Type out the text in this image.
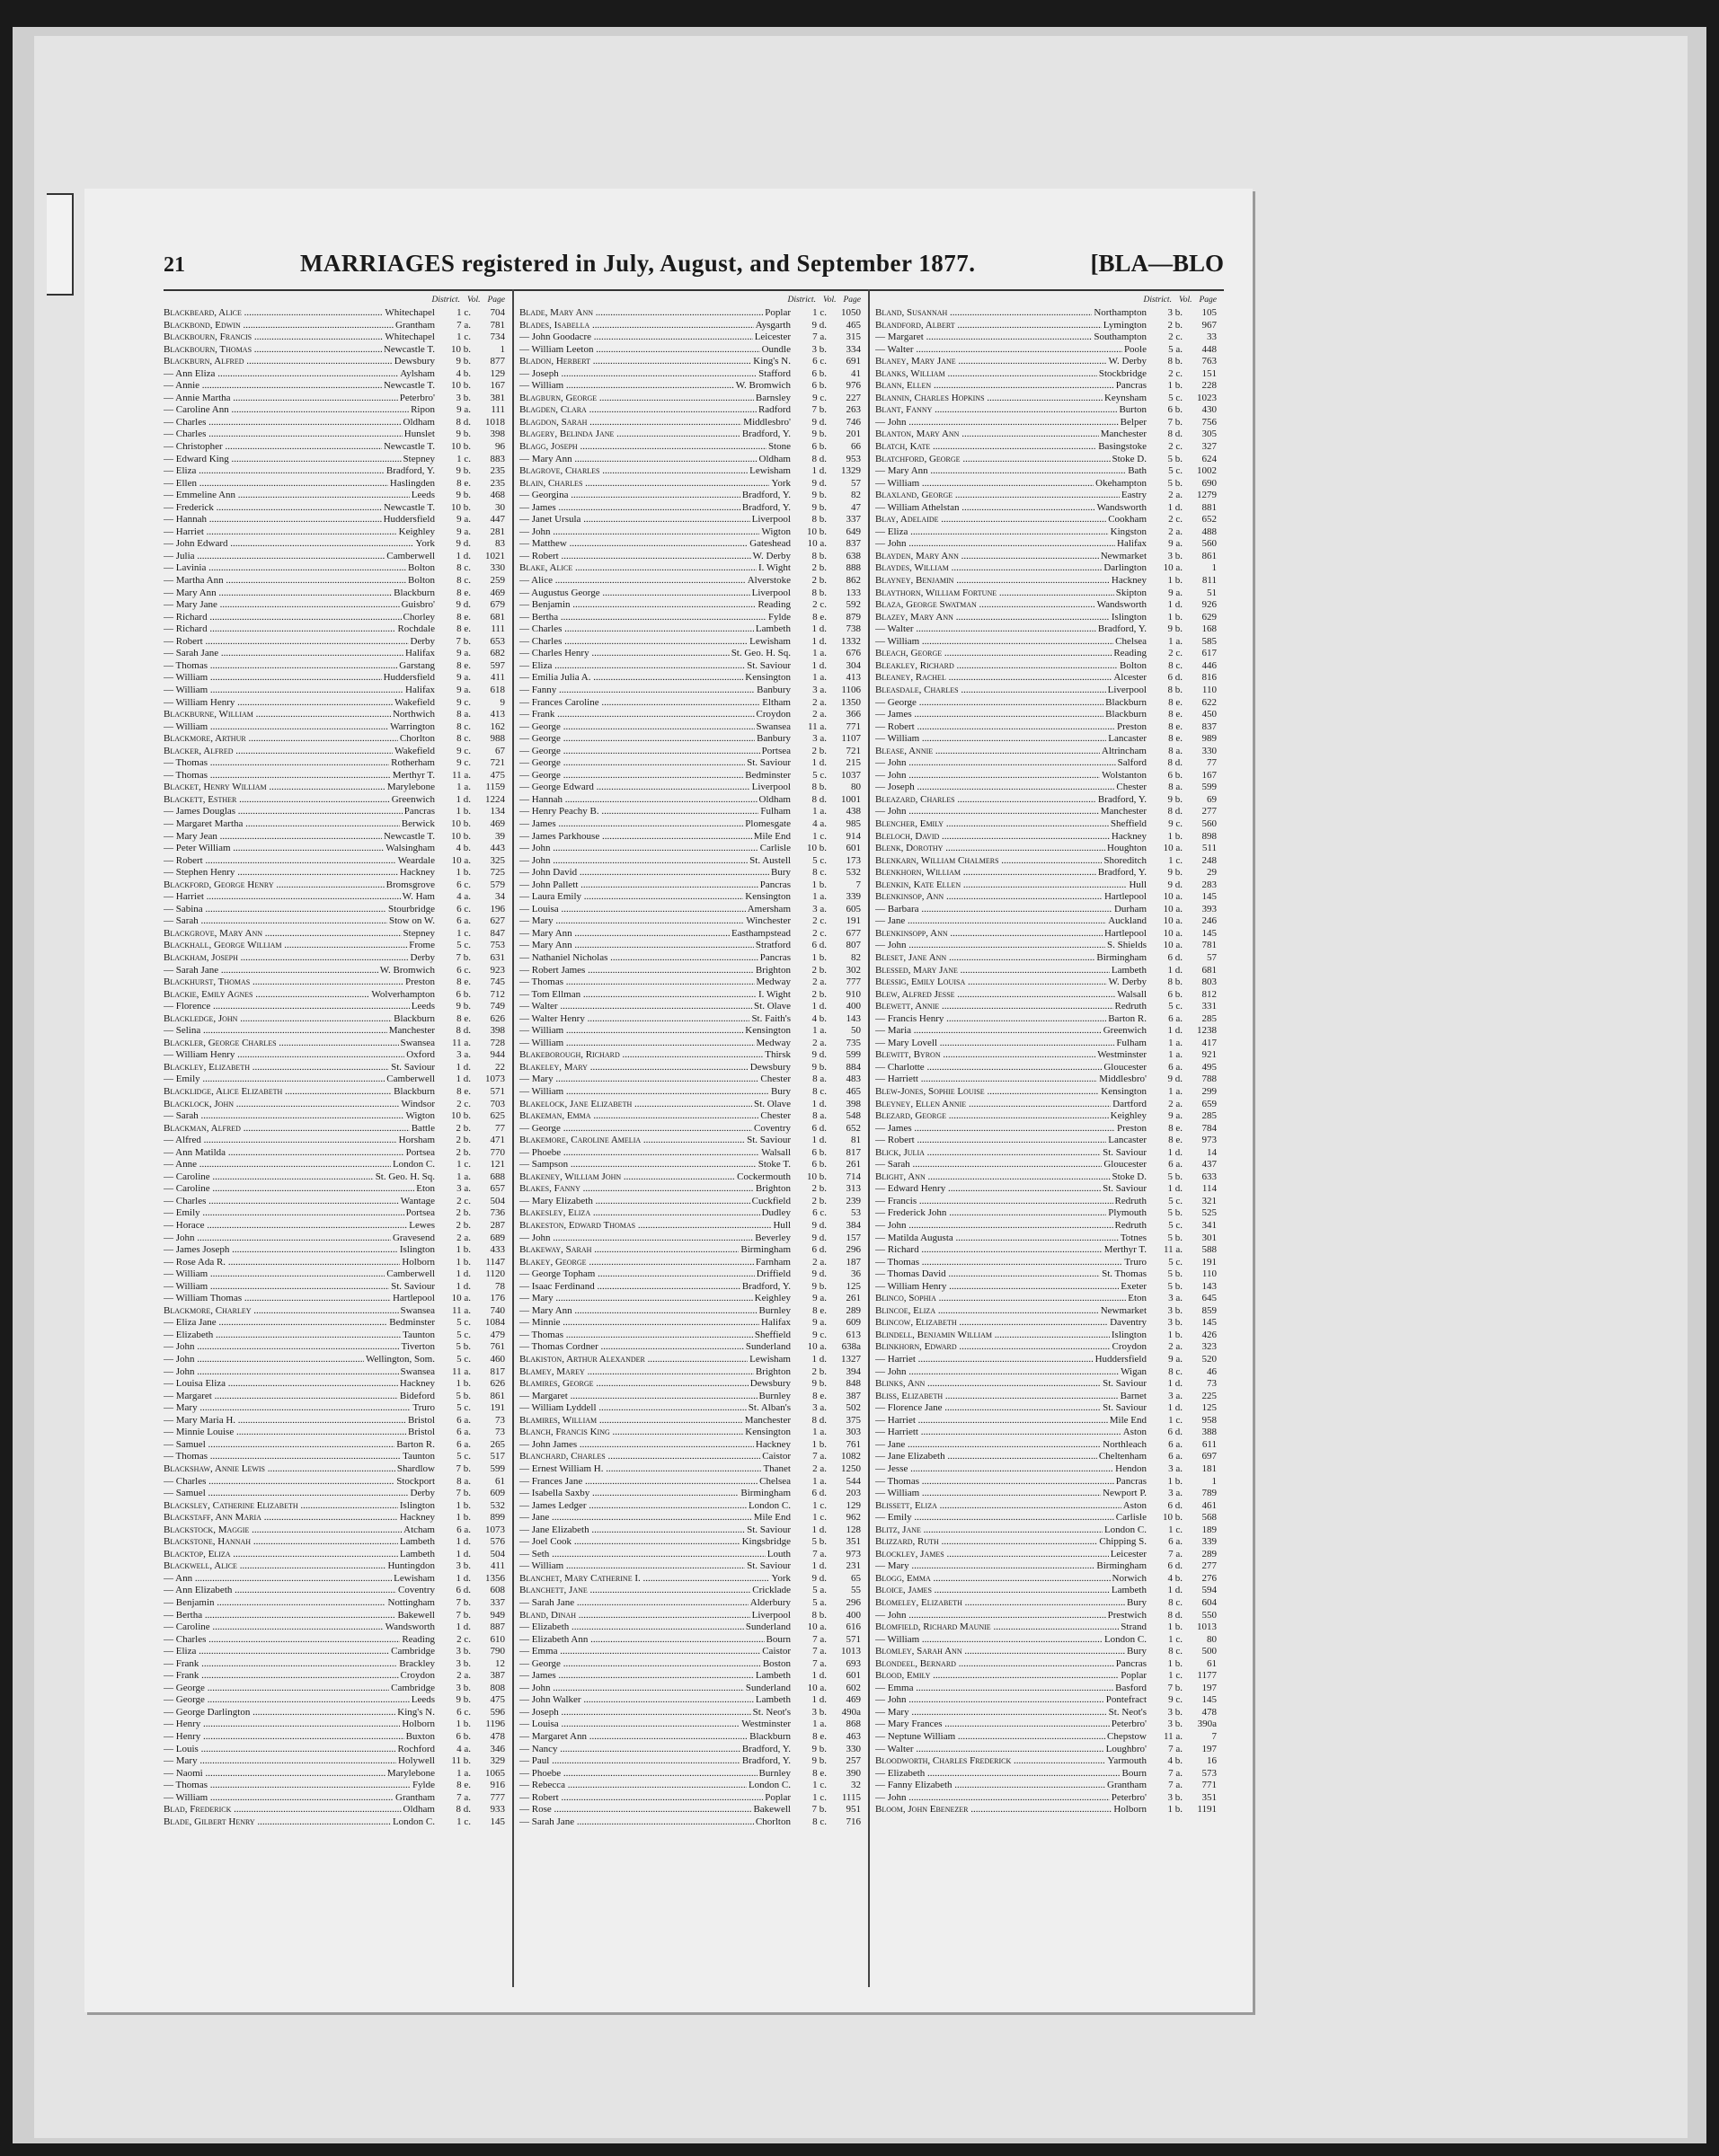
21	MARRIAGES registered in July, August, and September 1877.	[BLA—BLO
District. Vol. Page
Blackbeard, Alice .....	Whitechapel	1 c.	704
Blackbond, Edwin .....	Grantham	7 a.	781
Blackbourn, Francis .....	Whitechapel	1 c.	734
Blackbourn, Thomas .....	Newcastle T.	10 b.	1
Blackburn, Alfred .....	Dewsbury	9 b.	877
— Ann Eliza .....	Aylsham	4 b.	129
— Annie .....	Newcastle T.	10 b.	167
— Annie Martha .....	Peterbro'	3 b.	381
— Caroline Ann .....	Ripon	9 a.	111
— Charles .....	Oldham	8 d.	1018
— Charles .....	Hunslet	9 b.	398
— Christopher .....	Newcastle T.	10 b.	96
— Edward King .....	Stepney	1 c.	883
— Eliza .....	Bradford, Y.	9 b.	235
— Ellen .....	Haslingden	8 e.	235
— Emmeline Ann .....	Leeds	9 b.	468
— Frederick .....	Newcastle T.	10 b.	30
— Hannah .....	Huddersfield	9 a.	447
— Harriet .....	Keighley	9 a.	281
— John Edward .....	York	9 d.	83
— Julia .....	Camberwell	1 d.	1021
— Lavinia .....	Bolton	8 c.	330
— Martha Ann .....	Bolton	8 c.	259
— Mary Ann .....	Blackburn	8 e.	469
— Mary Jane .....	Guisbro'	9 d.	679
— Richard .....	Chorley	8 e.	681
— Richard .....	Rochdale	8 e.	111
— Robert .....	Derby	7 b.	653
— Sarah Jane .....	Halifax	9 a.	682
— Thomas .....	Garstang	8 e.	597
— William .....	Huddersfield	9 a.	411
— William .....	Halifax	9 a.	618
— William Henry .....	Wakefield	9 c.	9
Blackburne, William .....	Northwich	8 a.	413
— William .....	Warrington	8 c.	162
Blackmore, Arthur .....	Chorlton	8 c.	988
Blacker, Alfred .....	Wakefield	9 c.	67
— Thomas .....	Rotherham	9 c.	721
— Thomas .....	Merthyr T.	11 a.	475
Blacket, Henry William .....	Marylebone	1 a.	1159
Blackett, Esther .....	Greenwich	1 d.	1224
— James Douglas .....	Pancras	1 b.	134
— Margaret Martha .....	Berwick	10 b.	469
— Mary Jean .....	Newcastle T.	10 b.	39
— Peter William .....	Walsingham	4 b.	443
— Robert .....	Weardale	10 a.	325
— Stephen Henry .....	Hackney	1 b.	725
Blackford, George Henry .....	Bromsgrove	6 c.	579
— Harriet .....	W. Ham	4 a.	34
— Sabina .....	Stourbridge	6 c.	196
— Sarah .....	Stow on W.	6 a.	627
Blackgrove, Mary Ann .....	Stepney	1 c.	847
Blackhall, George William .....	Frome	5 c.	753
Blackham, Joseph .....	Derby	7 b.	631
— Sarah Jane .....	W. Bromwich	6 c.	923
Blackhurst, Thomas .....	Preston	8 e.	745
Blackie, Emily Agnes .....	Wolverhampton	6 b.	712
— Florence .....	Leeds	9 b.	749
Blackledge, John .....	Blackburn	8 e.	626
— Selina .....	Manchester	8 d.	398
Blackler, George Charles .....	Swansea	11 a.	728
— William Henry .....	Oxford	3 a.	944
Blackley, Elizabeth .....	St. Saviour	1 d.	22
— Emily .....	Camberwell	1 d.	1073
Blacklidge, Alice Elizabeth .....	Blackburn	8 e.	571
Blacklock, John .....	Windsor	2 c.	703
— Sarah .....	Wigton	10 b.	625
Blackman, Alfred .....	Battle	2 b.	77
— Alfred .....	Horsham	2 b.	471
— Ann Matilda .....	Portsea	2 b.	770
— Anne .....	London C.	1 c.	121
— Caroline .....	St. Geo. H. Sq.	1 a.	688
— Caroline .....	Eton	3 a.	657
— Charles .....	Wantage	2 c.	504
— Emily .....	Portsea	2 b.	736
— Horace .....	Lewes	2 b.	287
— John .....	Gravesend	2 a.	689
— James Joseph .....	Islington	1 b.	433
— Rose Ada R. .....	Holborn	1 b.	1147
— William .....	Camberwell	1 d.	1120
— William .....	St. Saviour	1 d.	78
— William Thomas .....	Hartlepool	10 a.	176
Blackmore, Charley .....	Swansea	11 a.	740
— Eliza Jane .....	Bedminster	5 c.	1084
— Elizabeth .....	Taunton	5 c.	479
— John .....	Tiverton	5 b.	761
— John .....	Wellington, Som.	5 c.	460
— John .....	Swansea	11 a.	817
— Louisa Eliza .....	Hackney	1 b.	626
— Margaret .....	Bideford	5 b.	861
— Mary .....	Truro	5 c.	191
— Mary Maria H. .....	Bristol	6 a.	73
— Minnie Louise .....	Bristol	6 a.	73
— Samuel .....	Barton R.	6 a.	265
— Thomas .....	Taunton	5 c.	517
Blackshaw, Annie Lewis .....	Shardlow	7 b.	599
— Charles .....	Stockport	8 a.	61
— Samuel .....	Derby	7 b.	609
Blacksley, Catherine Elizabeth .....	Islington	1 b.	532
Blackstaff, Ann Maria .....	Hackney	1 b.	899
Blackstock, Maggie .....	Atcham	6 a.	1073
Blackstone, Hannah .....	Lambeth	1 d.	576
Blacktop, Eliza .....	Lambeth	1 d.	504
Blackwell, Alice .....	Huntingdon	3 b.	411
— Ann .....	Lewisham	1 d.	1356
— Ann Elizabeth .....	Coventry	6 d.	608
— Benjamin .....	Nottingham	7 b.	337
— Bertha .....	Bakewell	7 b.	949
— Caroline .....	Wandsworth	1 d.	887
— Charles .....	Reading	2 c.	610
— Eliza .....	Cambridge	3 b.	790
— Frank .....	Brackley	3 b.	12
— Frank .....	Croydon	2 a.	387
— George .....	Cambridge	3 b.	808
— George .....	Leeds	9 b.	475
— George Darlington .....	King's N.	6 c.	596
— Henry .....	Holborn	1 b.	1196
— Henry .....	Buxton	6 b.	478
— Louis .....	Rochford	4 a.	346
— Mary .....	Holywell	11 b.	329
— Naomi .....	Marylebone	1 a.	1065
— Thomas .....	Fylde	8 e.	916
— William .....	Grantham	7 a.	777
Blad, Frederick .....	Oldham	8 d.	933
Blade, Gilbert Henry .....	London C.	1 c.	145
District. Vol. Page
Blade, Mary Ann .....	Poplar	1 c.	1050
Blades, Isabella .....	Aysgarth	9 d.	465
— John Goodacre .....	Leicester	7 a.	315
— William Leeton .....	Oundle	3 b.	334
Bladon, Herbert .....	King's N.	6 c.	691
— Joseph .....	Stafford	6 b.	41
— William .....	W. Bromwich	6 b.	976
Blagburn, George .....	Barnsley	9 c.	227
Blagden, Clara .....	Radford	7 b.	263
Blagdon, Sarah .....	Middlesbro'	9 d.	746
Blagery, Belinda Jane .....	Bradford, Y.	9 b.	201
Blagg, Joseph .....	Stone	6 b.	66
— Mary Ann .....	Oldham	8 d.	953
Blagrove, Charles .....	Lewisham	1 d.	1329
Blain, Charles .....	York	9 d.	57
— Georgina .....	Bradford, Y.	9 b.	82
— James .....	Bradford, Y.	9 b.	47
— Janet Ursula .....	Liverpool	8 b.	337
— John .....	Wigton	10 b.	649
— Matthew .....	Gateshead	10 a.	837
— Robert .....	W. Derby	8 b.	638
Blake, Alice .....	I. Wight	2 b.	888
— Alice .....	Alverstoke	2 b.	862
— Augustus George .....	Liverpool	8 b.	133
— Benjamin .....	Reading	2 c.	592
— Bertha .....	Fylde	8 e.	879
— Charles .....	Lambeth	1 d.	738
— Charles .....	Lewisham	1 d.	1332
— Charles Henry .....	St. Geo. H. Sq.	1 a.	676
— Eliza .....	St. Saviour	1 d.	304
— Emilia Julia A. .....	Kensington	1 a.	413
— Fanny .....	Banbury	3 a.	1106
— Frances Caroline .....	Eltham	2 a.	1350
— Frank .....	Croydon	2 a.	366
— George .....	Swansea	11 a.	771
— George .....	Banbury	3 a.	1107
— George .....	Portsea	2 b.	721
— George .....	St. Saviour	1 d.	215
— George .....	Bedminster	5 c.	1037
— George Edward .....	Liverpool	8 b.	80
— Hannah .....	Oldham	8 d.	1001
— Henry Peachy B. .....	Fulham	1 a.	438
— James .....	Plomesgate	4 a.	985
— James Parkhouse .....	Mile End	1 c.	914
— John .....	Carlisle	10 b.	601
— John .....	St. Austell	5 c.	173
— John David .....	Bury	8 c.	532
— John Pallett .....	Pancras	1 b.	7
— Laura Emily .....	Kensington	1 a.	339
— Louisa .....	Amersham	3 a.	605
— Mary .....	Winchester	2 c.	191
— Mary Ann .....	Easthampstead	2 c.	677
— Mary Ann .....	Stratford	6 d.	807
— Nathaniel Nicholas .....	Pancras	1 b.	82
— Robert James .....	Brighton	2 b.	302
— Thomas .....	Medway	2 a.	777
— Tom Ellman .....	I. Wight	2 b.	910
— Walter .....	St. Olave	1 d.	400
— Walter Henry .....	St. Faith's	4 b.	143
— William .....	Kensington	1 a.	50
— William .....	Medway	2 a.	735
Blakeborough, Richard .....	Thirsk	9 d.	599
Blakeley, Mary .....	Dewsbury	9 b.	884
— Mary .....	Chester	8 a.	483
— William .....	Bury	8 c.	465
Blakelock, Jane Elizabeth .....	St. Olave	1 d.	398
Blakeman, Emma .....	Chester	8 a.	548
— George .....	Coventry	6 d.	652
Blakemore, Caroline Amelia .....	St. Saviour	1 d.	81
— Phoebe .....	Walsall	6 b.	817
— Sampson .....	Stoke T.	6 b.	261
Blakeney, William John .....	Cockermouth	10 b.	714
Blakes, Fanny .....	Brighton	2 b.	313
— Mary Elizabeth .....	Cuckfield	2 b.	239
Blakesley, Eliza .....	Dudley	6 c.	53
Blakeston, Edward Thomas .....	Hull	9 d.	384
— John .....	Beverley	9 d.	157
Blakeway, Sarah .....	Birmingham	6 d.	296
Blakey, George .....	Farnham	2 a.	187
— George Topham .....	Driffield	9 d.	36
— Isaac Ferdinand .....	Bradford, Y.	9 b.	125
— Mary .....	Keighley	9 a.	261
— Mary Ann .....	Burnley	8 e.	289
— Minnie .....	Halifax	9 a.	609
— Thomas .....	Sheffield	9 c.	613
— Thomas Cordner .....	Sunderland	10 a.	638a
Blakiston, Arthur Alexander .....	Lewisham	1 d.	1327
Blamey, Marey .....	Brighton	2 b.	394
Blamires, George .....	Dewsbury	9 b.	848
— Margaret .....	Burnley	8 e.	387
— William Lyddell .....	St. Alban's	3 a.	502
Blamires, William .....	Manchester	8 d.	375
Blanch, Francis King .....	Kensington	1 a.	303
— John James .....	Hackney	1 b.	761
Blanchard, Charles .....	Caistor	7 a.	1082
— Ernest William H. .....	Thanet	2 a.	1250
— Frances Jane .....	Chelsea	1 a.	544
— Isabella Saxby .....	Birmingham	6 d.	203
— James Ledger .....	London C.	1 c.	129
— Jane .....	Mile End	1 c.	962
— Jane Elizabeth .....	St. Saviour	1 d.	128
— Joel Cook .....	Kingsbridge	5 b.	351
— Seth .....	Louth	7 a.	973
— William .....	St. Saviour	1 d.	231
Blanchet, Mary Catherine I. .....	York	9 d.	65
Blanchett, Jane .....	Cricklade	5 a.	55
— Sarah Jane .....	Alderbury	5 a.	296
Bland, Dinah .....	Liverpool	8 b.	400
— Elizabeth .....	Sunderland	10 a.	616
— Elizabeth Ann .....	Bourn	7 a.	571
— Emma .....	Caistor	7 a.	1013
— George .....	Boston	7 a.	693
— James .....	Lambeth	1 d.	601
— John .....	Sunderland	10 a.	602
— John Walker .....	Lambeth	1 d.	469
— Joseph .....	St. Neot's	3 b.	490a
— Louisa .....	Westminster	1 a.	868
— Margaret Ann .....	Blackburn	8 e.	463
— Nancy .....	Bradford, Y.	9 b.	330
— Paul .....	Bradford, Y.	9 b.	257
— Phoebe .....	Burnley	8 e.	390
— Rebecca .....	London C.	1 c.	32
— Robert .....	Poplar	1 c.	1115
— Rose .....	Bakewell	7 b.	951
— Sarah Jane .....	Chorlton	8 c.	716
District. Vol. Page
Bland, Susannah .....	Northampton	3 b.	105
Blandford, Albert .....	Lymington	2 b.	967
— Margaret .....	Southampton	2 c.	33
— Walter .....	Poole	5 a.	448
Blaney, Mary Jane .....	W. Derby	8 b.	763
Blanks, William .....	Stockbridge	2 c.	151
Blann, Ellen .....	Pancras	1 b.	228
Blannin, Charles Hopkins .....	Keynsham	5 c.	1023
Blant, Fanny .....	Burton	6 b.	430
— John .....	Belper	7 b.	756
Blanton, Mary Ann .....	Manchester	8 d.	305
Blatch, Kate .....	Basingstoke	2 c.	327
Blatchford, George .....	Stoke D.	5 b.	624
— Mary Ann .....	Bath	5 c.	1002
— William .....	Okehampton	5 b.	690
Blaxland, George .....	Eastry	2 a.	1279
— William Athelstan .....	Wandsworth	1 d.	881
Blay, Adelaide .....	Cookham	2 c.	652
— Eliza .....	Kingston	2 a.	488
— John .....	Halifax	9 a.	560
Blayden, Mary Ann .....	Newmarket	3 b.	861
Blaydes, William .....	Darlington	10 a.	1
Blayney, Benjamin .....	Hackney	1 b.	811
Blaythorn, William Fortune .....	Skipton	9 a.	51
Blaza, George Swatman .....	Wandsworth	1 d.	926
Blazey, Mary Ann .....	Islington	1 b.	629
— Walter .....	Bradford, Y.	9 b.	168
— William .....	Chelsea	1 a.	585
Bleach, George .....	Reading	2 c.	617
Bleakley, Richard .....	Bolton	8 c.	446
Bleaney, Rachel .....	Alcester	6 d.	816
Bleasdale, Charles .....	Liverpool	8 b.	110
— George .....	Blackburn	8 e.	622
— James .....	Blackburn	8 e.	450
— Robert .....	Preston	8 e.	837
— William .....	Lancaster	8 e.	989
Blease, Annie .....	Altrincham	8 a.	330
— John .....	Salford	8 d.	77
— John .....	Wolstanton	6 b.	167
— Joseph .....	Chester	8 a.	599
Bleazard, Charles .....	Bradford, Y.	9 b.	69
— John .....	Manchester	8 d.	277
Blencher, Emily .....	Sheffield	9 c.	560
Bleloch, David .....	Hackney	1 b.	898
Blenk, Dorothy .....	Houghton	10 a.	511
Blenkarn, William Chalmers .....	Shoreditch	1 c.	248
Blenkhorn, William .....	Bradford, Y.	9 b.	29
Blenkin, Kate Ellen .....	Hull	9 d.	283
Blenkinsop, Ann .....	Hartlepool	10 a.	145
— Barbara .....	Durham	10 a.	393
— Jane .....	Auckland	10 a.	246
Blenkinsopp, Ann .....	Hartlepool	10 a.	145
— John .....	S. Shields	10 a.	781
Bleset, Jane Ann .....	Birmingham	6 d.	57
Blessed, Mary Jane .....	Lambeth	1 d.	681
Blessig, Emily Louisa .....	W. Derby	8 b.	803
Blew, Alfred Jesse .....	Walsall	6 b.	812
Blewett, Annie .....	Redruth	5 c.	331
— Francis Henry .....	Barton R.	6 a.	285
— Maria .....	Greenwich	1 d.	1238
— Mary Lovell .....	Fulham	1 a.	417
Blewitt, Byron .....	Westminster	1 a.	921
— Charlotte .....	Gloucester	6 a.	495
— Harriett .....	Middlesbro'	9 d.	788
Blew-Jones, Sophie Louise .....	Kensington	1 a.	299
Bleyney, Ellen Annie .....	Dartford	2 a.	659
Blezard, George .....	Keighley	9 a.	285
— James .....	Preston	8 e.	784
— Robert .....	Lancaster	8 e.	973
Blick, Julia .....	St. Saviour	1 d.	14
— Sarah .....	Gloucester	6 a.	437
Blight, Ann .....	Stoke D.	5 b.	633
— Edward Henry .....	St. Saviour	1 d.	114
— Francis .....	Redruth	5 c.	321
— Frederick John .....	Plymouth	5 b.	525
— John .....	Redruth	5 c.	341
— Matilda Augusta .....	Totnes	5 b.	301
— Richard .....	Merthyr T.	11 a.	588
— Thomas .....	Truro	5 c.	191
— Thomas David .....	St. Thomas	5 b.	110
— William Henry .....	Exeter	5 b.	143
Blinco, Sophia .....	Eton	3 a.	645
Blincoe, Eliza .....	Newmarket	3 b.	859
Blincow, Elizabeth .....	Daventry	3 b.	145
Blindell, Benjamin William .....	Islington	1 b.	426
Blinkhorn, Edward .....	Croydon	2 a.	323
— Harriet .....	Huddersfield	9 a.	520
— John .....	Wigan	8 c.	46
Blinks, Ann .....	St. Saviour	1 d.	73
Bliss, Elizabeth .....	Barnet	3 a.	225
— Florence Jane .....	St. Saviour	1 d.	125
— Harriet .....	Mile End	1 c.	958
— Harriett .....	Aston	6 d.	388
— Jane .....	Northleach	6 a.	611
— Jane Elizabeth .....	Cheltenham	6 a.	697
— Jesse .....	Hendon	3 a.	181
— Thomas .....	Pancras	1 b.	1
— William .....	Newport P.	3 a.	789
Blissett, Eliza .....	Aston	6 d.	461
— Emily .....	Carlisle	10 b.	568
Blitz, Jane .....	London C.	1 c.	189
Blizzard, Ruth .....	Chipping S.	6 a.	339
Blockley, James .....	Leicester	7 a.	289
— Mary .....	Birmingham	6 d.	277
Blogg, Emma .....	Norwich	4 b.	276
Bloice, James .....	Lambeth	1 d.	594
Blomeley, Elizabeth .....	Bury	8 c.	604
— John .....	Prestwich	8 d.	550
Blomfield, Richard Maunie .....	Strand	1 b.	1013
— William .....	London C.	1 c.	80
Blomley, Sarah Ann .....	Bury	8 c.	500
Blondeel, Bernard .....	Pancras	1 b.	61
Blood, Emily .....	Poplar	1 c.	1177
— Emma .....	Basford	7 b.	197
— John .....	Pontefract	9 c.	145
— Mary .....	St. Neot's	3 b.	478
— Mary Frances .....	Peterbro'	3 b.	390a
— Neptune William .....	Chepstow	11 a.	7
— Walter .....	Loughbro'	7 a.	197
Bloodworth, Charles Frederick .....	Yarmouth	4 b.	16
— Elizabeth .....	Bourn	7 a.	573
— Fanny Elizabeth .....	Grantham	7 a.	771
— John .....	Peterbro'	3 b.	351
Bloom, John Ebenezer .....	Holborn	1 b.	1191
